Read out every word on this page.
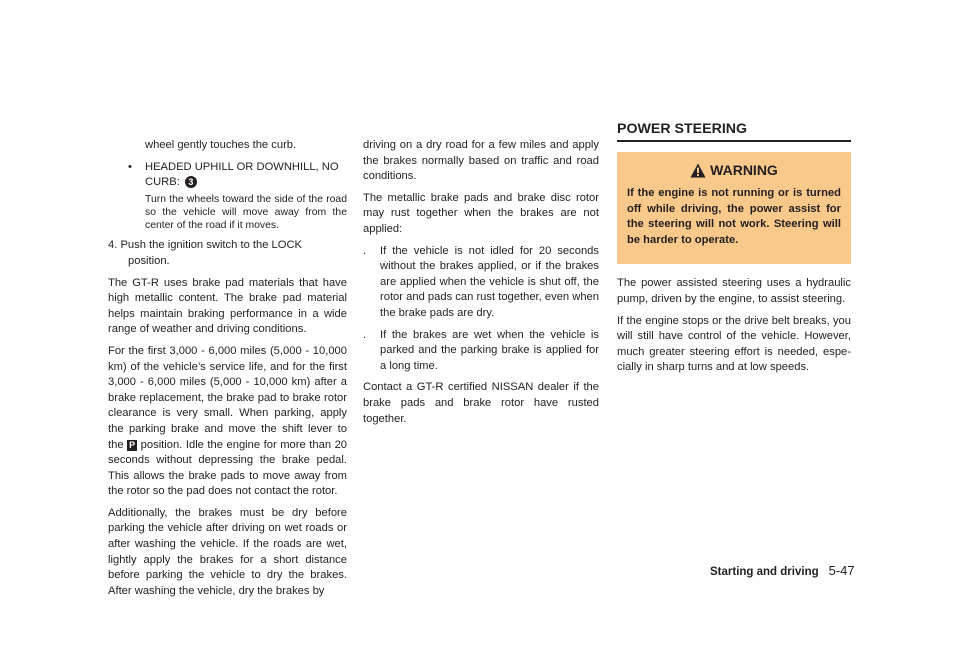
wheel gently touches the curb.

• HEADED UPHILL OR DOWNHILL, NO CURB: 3

Turn the wheels toward the side of the road so the vehicle will move away from the center of the road if it moves.

4. Push the ignition switch to the LOCK
position.

The GT-R uses brake pad materials that have high metallic content. The brake pad material helps maintain braking performance in a wide range of weather and driving conditions.

For the first 3,000 - 6,000 miles (5,000 - 10,000 km) of the vehicle’s service life, and for the first 3,000 - 6,000 miles (5,000 - 10,000 km) after a brake replacement, the brake pad to brake rotor clearance is very small. When parking, apply the parking brake and move the shift lever to the P position. Idle the engine for more than 20 seconds without depressing the brake pedal. This allows the brake pads to move away from the rotor so the pad does not contact the rotor.

Additionally, the brakes must be dry before parking the vehicle after driving on wet roads or after washing the vehicle. If the roads are wet, lightly apply the brakes for a short distance before parking the vehicle to dry the brakes. After washing the vehicle, dry the brakes by

driving on a dry road for a few miles and apply the brakes normally based on traffic and road conditions.

The metallic brake pads and brake disc rotor may rust together when the brakes are not applied:

. If the vehicle is not idled for 20 seconds without the brakes applied, or if the brakes are applied when the vehicle is shut off, the rotor and pads can rust together, even when the brake pads are dry.
. If the brakes are wet when the vehicle is parked and the parking brake is applied for a long time.

Contact a GT-R certified NISSAN dealer if the brake pads and brake rotor have rusted together.

POWER STEERING
WARNING

If the engine is not running or is turned off while driving, the power assist for the steering will not work. Steering will be harder to operate.

The power assisted steering uses a hydraulic pump, driven by the engine, to assist steering.

If the engine stops or the drive belt breaks, you will still have control of the vehicle. However, much greater steering effort is needed, espe-cially in sharp turns and at low speeds.

Starting and driving 5-47
